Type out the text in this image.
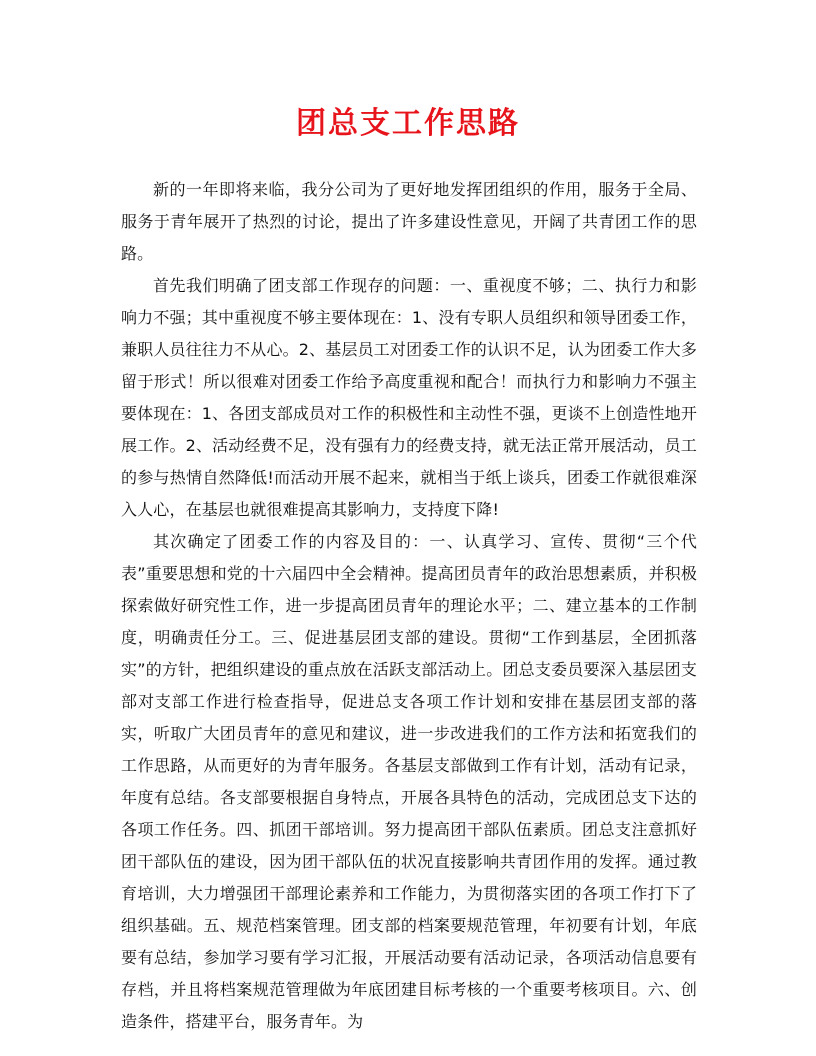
团总支工作思路

新的一年即将来临，我分公司为了更好地发挥团组织的作用，服务于全局、服务于青年展开了热烈的讨论，提出了许多建设性意见，开阔了共青团工作的思路。

首先我们明确了团支部工作现存的问题：一、重视度不够；二、执行力和影响力不强；其中重视度不够主要体现在：1、没有专职人员组织和领导团委工作，兼职人员往往力不从心。2、基层员工对团委工作的认识不足，认为团委工作大多留于形式！所以很难对团委工作给予高度重视和配合！而执行力和影响力不强主要体现在：1、各团支部成员对工作的积极性和主动性不强，更谈不上创造性地开展工作。2、活动经费不足，没有强有力的经费支持，就无法正常开展活动，员工的参与热情自然降低!而活动开展不起来，就相当于纸上谈兵，团委工作就很难深入人心，在基层也就很难提高其影响力，支持度下降!

其次确定了团委工作的内容及目的：一、认真学习、宣传、贯彻“三个代表”重要思想和党的十六届四中全会精神。提高团员青年的政治思想素质，并积极探索做好研究性工作，进一步提高团员青年的理论水平；二、建立基本的工作制度，明确责任分工。三、促进基层团支部的建设。贯彻“工作到基层，全团抓落实”的方针，把组织建设的重点放在活跃支部活动上。团总支委员要深入基层团支部对支部工作进行检查指导，促进总支各项工作计划和安排在基层团支部的落实，听取广大团员青年的意见和建议，进一步改进我们的工作方法和拓宽我们的工作思路，从而更好的为青年服务。各基层支部做到工作有计划，活动有记录，年度有总结。各支部要根据自身特点，开展各具特色的活动，完成团总支下达的各项工作任务。四、抓团干部培训。努力提高团干部队伍素质。团总支注意抓好团干部队伍的建设，因为团干部队伍的状况直接影响共青团作用的发挥。通过教育培训，大力增强团干部理论素养和工作能力，为贯彻落实团的各项工作打下了组织基础。五、规范档案管理。团支部的档案要规范管理，年初要有计划，年底要有总结，参加学习要有学习汇报，开展活动要有活动记录，各项活动信息要有存档，并且将档案规范管理做为年底团建目标考核的一个重要考核项目。六、创造条件，搭建平台，服务青年。为
